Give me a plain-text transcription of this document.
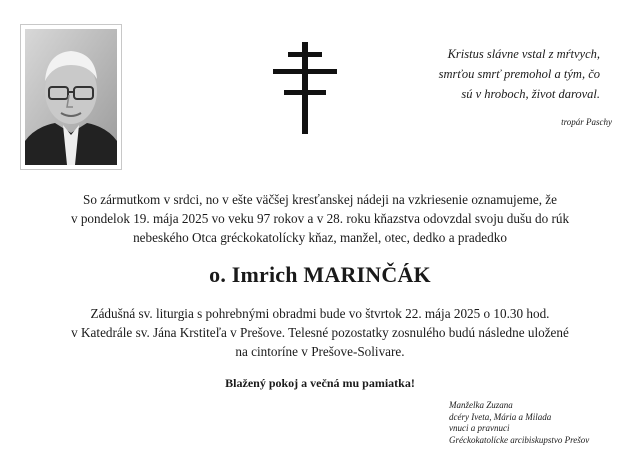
Kristus slávne vstal z mŕtvych,

smrťou smrť premohol a tým, čo

sú v hroboch, život daroval.

tropár Paschy

So zármutkom v srdci, no v ešte väčšej kresťanskej nádeji na vzkriesenie oznamujeme, že

v pondelok 19. mája 2025 vo veku 97 rokov a v 28. roku kňazstva odovzdal svoju dušu do rúk

nebeského Otca gréckokatolícky kňaz, manžel, otec, dedko a pradedko

o. Imrich MARINČÁK

Zádušná sv. liturgia s pohrebnými obradmi bude vo štvrtok 22. mája 2025 o 10.30 hod.

v Katedrále sv. Jána Krstiteľa v Prešove. Telesné pozostatky zosnulého budú následne uložené

na cintoríne v Prešove-Solivare.

Blažený pokoj a večná mu pamiatka!

Manželka Zuzana

dcéry Iveta, Mária a Milada

vnuci a pravnuci

Gréckokatolícke arcibiskupstvo Prešov
